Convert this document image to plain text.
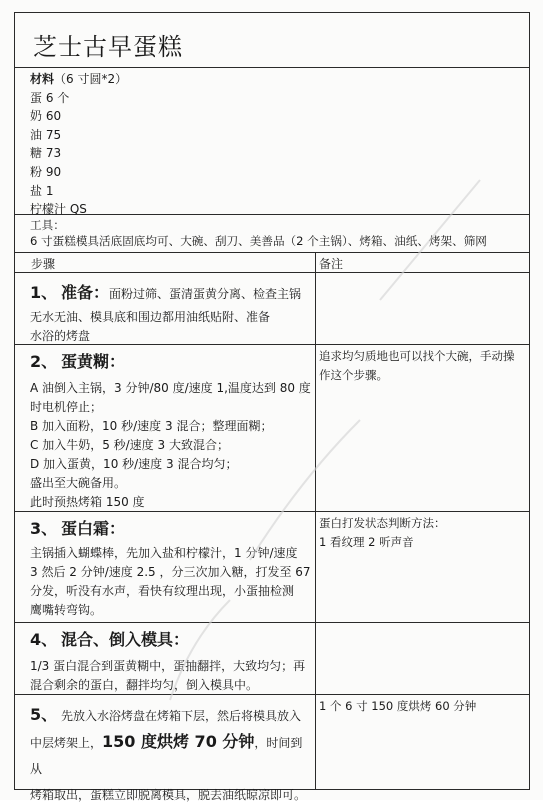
芝士古早蛋糕
材料（6 寸圆*2）
蛋 6 个
奶 60
油 75
糖 73
粉 90
盐 1
柠檬汁 QS
工具：
6 寸蛋糕模具活底固底均可、大碗、刮刀、美善品（2 个主锅）、烤箱、油纸、烤架、筛网
步骤	备注
1、 准备：面粉过筛、蛋清蛋黄分离、检查主锅
无水无油、模具底和围边都用油纸贴附、准备
水浴的烤盘
2、 蛋黄糊：
A 油倒入主锅，3 分钟/80 度/速度 1,温度达到 80 度
时电机停止；
B 加入面粉，10 秒/速度 3 混合；整理面糊；
C 加入牛奶，5 秒/速度 3 大致混合；
D 加入蛋黄，10 秒/速度 3 混合均匀；
盛出至大碗备用。
此时预热烤箱 150 度
追求均匀质地也可以找个大碗，手动操作这个步骤。
3、 蛋白霜：
主锅插入蝴蝶棒，先加入盐和柠檬汁，1 分钟/速度
3 然后 2 分钟/速度 2.5 ，分三次加入糖，打发至 67
分发，听没有水声，看快有纹理出现，小蛋抽检测
鹰嘴转弯钩。
蛋白打发状态判断方法：
1 看纹理 2 听声音
4、 混合、倒入模具：
1/3 蛋白混合到蛋黄糊中，蛋抽翻拌，大致均匀；再
混合剩余的蛋白，翻拌均匀，倒入模具中。
5、 先放入水浴烤盘在烤箱下层，然后将模具放入
中层烤架上，150 度烘烤 70 分钟，时间到从
烤箱取出，蛋糕立即脱离模具，脱去油纸晾凉即可。
1 个 6 寸 150 度烘烤 60 分钟
